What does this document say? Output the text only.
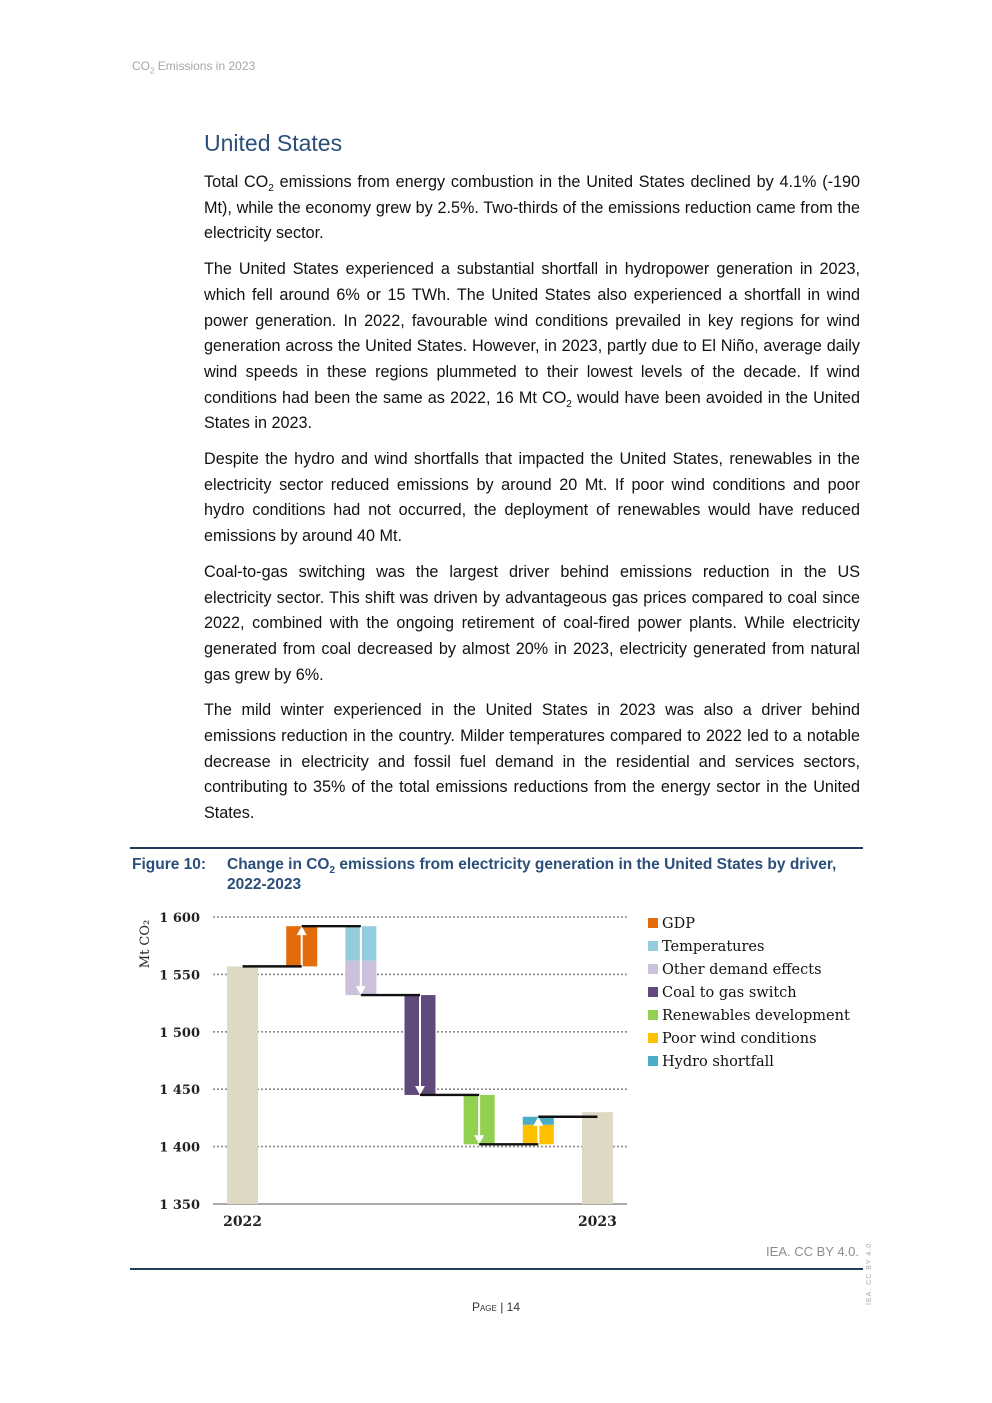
$CO_2$ Emissions in 2023
United States

Total $CO_2$ emissions from energy combustion in the United States declined by 4.1% (-190 Mt), while the economy grew by 2.5%. Two-thirds of the emissions reduction came from the electricity sector.

The United States experienced a substantial shortfall in hydropower generation in 2023, which fell around 6% or 15 TWh. The United States also experienced a shortfall in wind power generation. In 2022, favourable wind conditions prevailed in key regions for wind generation across the United States. However, in 2023, partly due to El Niño, average daily wind speeds in these regions plummeted to their lowest levels of the decade. If wind conditions had been the same as 2022, 16 Mt $CO_2$ would have been avoided in the United States in 2023.

Despite the hydro and wind shortfalls that impacted the United States, renewables in the electricity sector reduced emissions by around 20 Mt. If poor wind conditions and poor hydro conditions had not occurred, the deployment of renewables would have reduced emissions by around 40 Mt.

Coal-to-gas switching was the largest driver behind emissions reduction in the US electricity sector. This shift was driven by advantageous gas prices compared to coal since 2022, combined with the ongoing retirement of coal-fired power plants. While electricity generated from coal decreased by almost 20% in 2023, electricity generated from natural gas grew by 6%.

The mild winter experienced in the United States in 2023 was also a driver behind emissions reduction in the country. Milder temperatures compared to 2022 led to a notable decrease in electricity and fossil fuel demand in the residential and services sectors, contributing to 35% of the total emissions reductions from the energy sector in the United States.

Figure 10:	Change in $CO_2$ emissions from electricity generation in the United States by driver, 2022-2023
1 350
1 400
1 450
1 500
1 550
1 600
Mt CO₂
2022	2023
GDP
Temperatures
Other demand effects
Coal to gas switch
Renewables development
Poor wind conditions
Hydro shortfall
IEA. CC BY 4.0.
Page | 14
IEA. CC BY 4.0.
